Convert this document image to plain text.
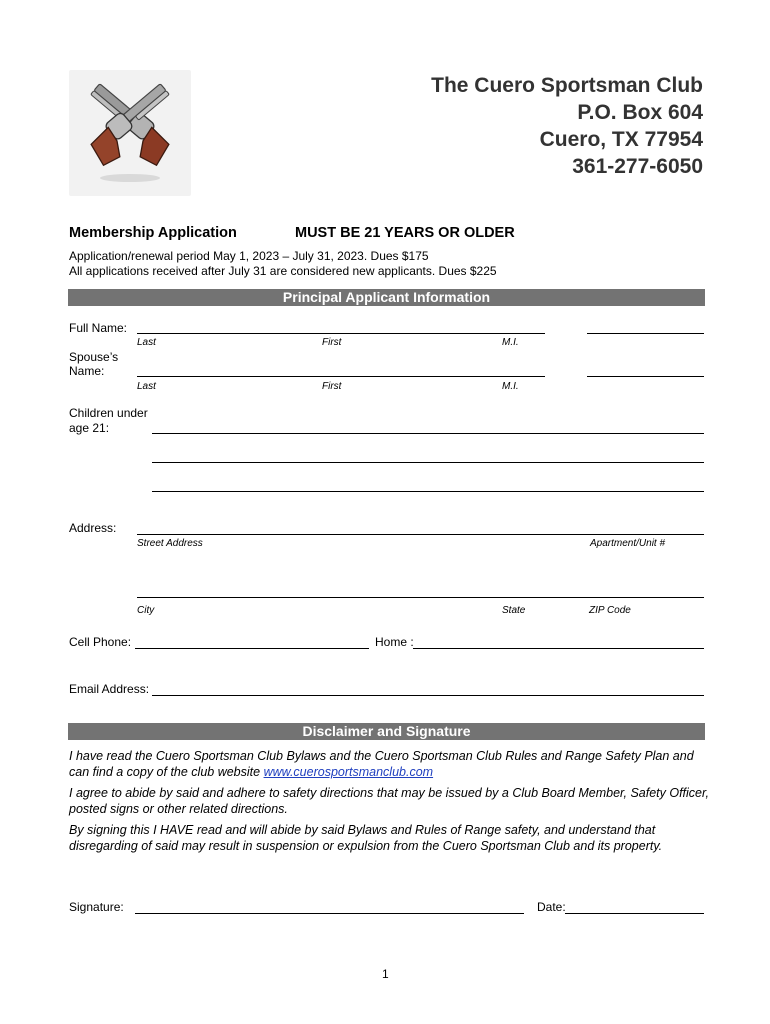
The Cuero Sportsman Club
P.O. Box 604
Cuero, TX 77954
361-277-6050
Membership Application	MUST BE 21 YEARS OR OLDER
Application/renewal period May 1, 2023 – July 31, 2023. Dues $175
All applications received after July 31 are considered new applicants. Dues $225
Principal Applicant Information
Full Name:
Last	First	M.I.
Spouse’s
Name:
Last	First	M.I.
Children under
age 21:
Address:
Street Address	Apartment/Unit #
City	State	ZIP Code
Cell Phone:	Home :
Email Address:
Disclaimer and Signature
I have read the Cuero Sportsman Club Bylaws and the Cuero Sportsman Club Rules and Range Safety Plan and can find a copy of the club website www.cuerosportsmanclub.com
I agree to abide by said and adhere to safety directions that may be issued by a Club Board Member, Safety Officer, posted signs or other related directions.
By signing this I HAVE read and will abide by said Bylaws and Rules of Range safety, and understand that disregarding of said may result in suspension or expulsion from the Cuero Sportsman Club and its property.
Signature:	Date:
1
